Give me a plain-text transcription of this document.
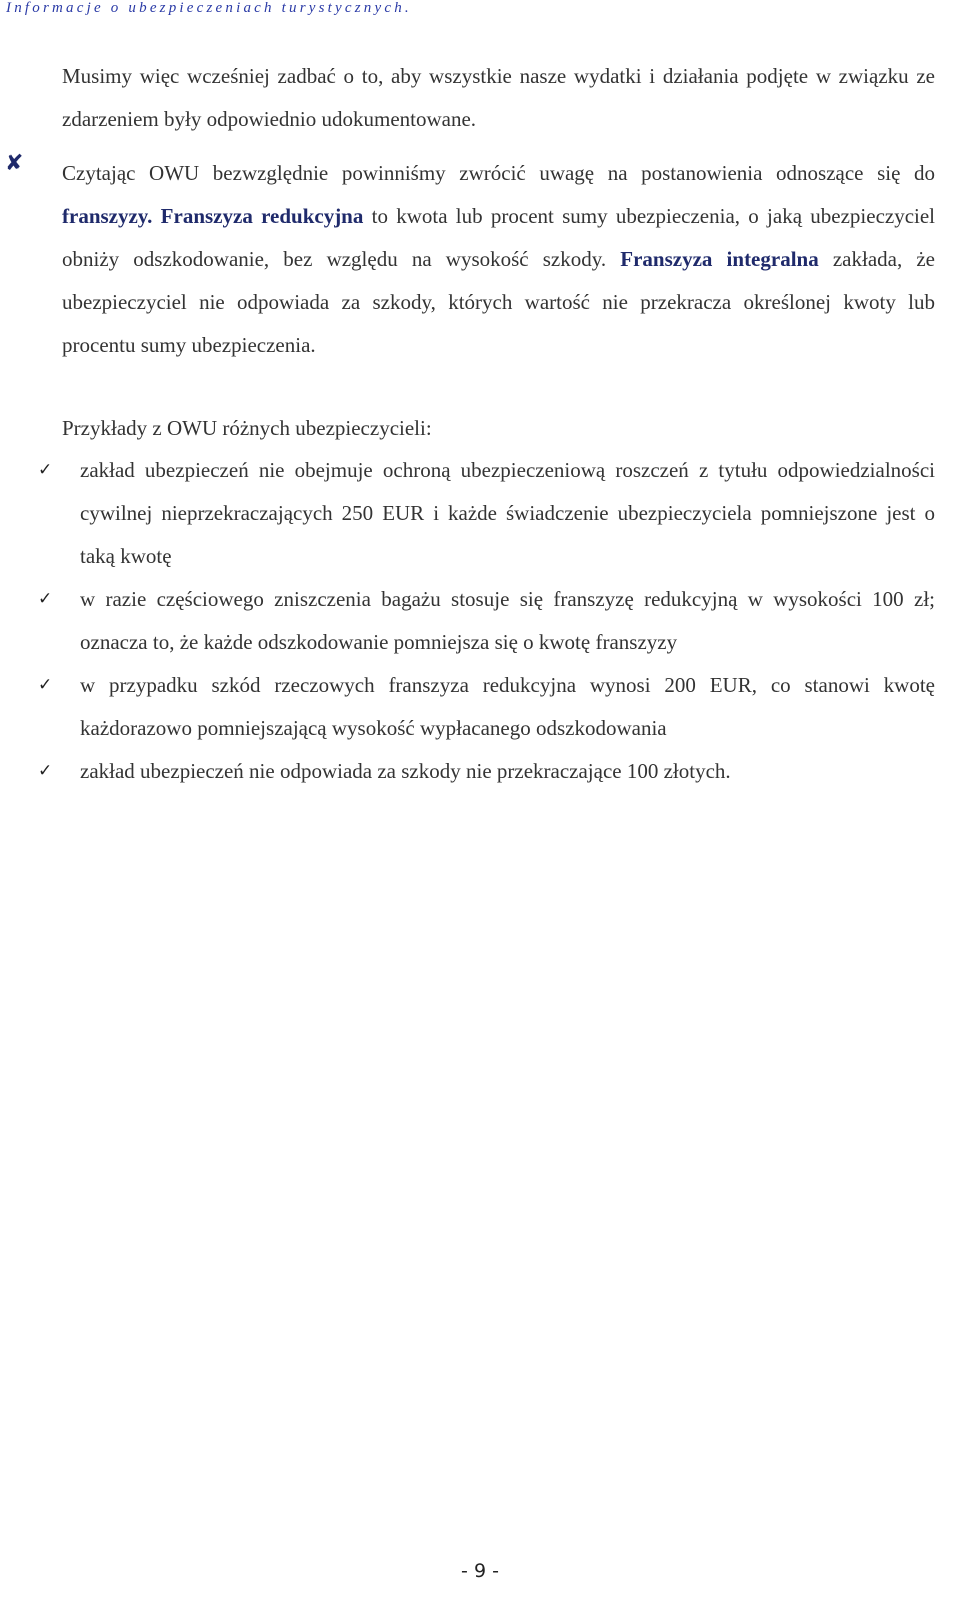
Informacje o ubezpieczeniach turystycznych.

Musimy więc wcześniej zadbać o to, aby wszystkie nasze wydatki i działania podjęte w związku ze zdarzeniem były odpowiednio udokumentowane.

✘ Czytając OWU bezwzględnie powinniśmy zwrócić uwagę na postanowienia odnoszące się do franszyzy. Franszyza redukcyjna to kwota lub procent sumy ubezpieczenia, o jaką ubezpieczyciel obniży odszkodowanie, bez względu na wysokość szkody. Franszyza integralna zakłada, że ubezpieczyciel nie odpowiada za szkody, których wartość nie przekracza określonej kwoty lub procentu sumy ubezpieczenia.

Przykłady z OWU różnych ubezpieczycieli:

✓ zakład ubezpieczeń nie obejmuje ochroną ubezpieczeniową roszczeń z tytułu odpowiedzialności cywilnej nieprzekraczających 250 EUR i każde świadczenie ubezpieczyciela pomniejszone jest o taką kwotę
✓ w razie częściowego zniszczenia bagażu stosuje się franszyzę redukcyjną w wysokości 100 zł; oznacza to, że każde odszkodowanie pomniejsza się o kwotę franszyzy
✓ w przypadku szkód rzeczowych franszyza redukcyjna wynosi 200 EUR, co stanowi kwotę każdorazowo pomniejszającą wysokość wypłacanego odszkodowania
✓ zakład ubezpieczeń nie odpowiada za szkody nie przekraczające 100 złotych.
- 9 -
